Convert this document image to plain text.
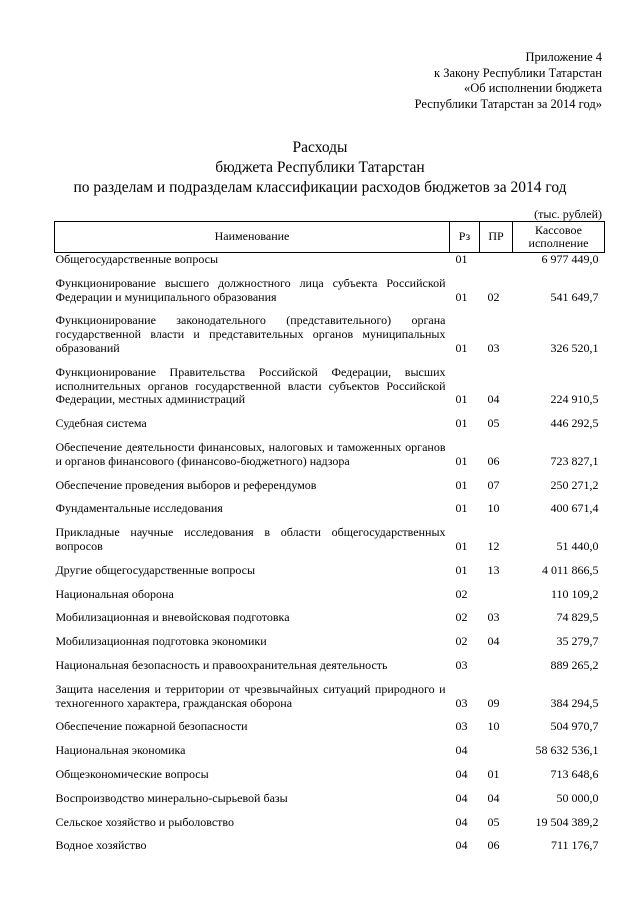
Приложение 4
к Закону Республики Татарстан
«Об исполнении бюджета
Республики Татарстан за 2014 год»
Расходы
бюджета Республики Татарстан
по разделам и подразделам классификации расходов бюджетов за 2014 год
(тыс. рублей)
Наименование	Рз	ПР	Кассовое
исполнение
Общегосударственные вопросы	01		6 977 449,0
Функционирование высшего должностного лица субъекта Российской Федерации и муниципального образования	01	02	541 649,7
Функционирование законодательного (представительного) органа государственной власти и представительных органов муниципальных образований	01	03	326 520,1
Функционирование Правительства Российской Федерации, высших исполнительных органов государственной власти субъектов Российской Федерации, местных администраций	01	04	224 910,5
Судебная система	01	05	446 292,5
Обеспечение деятельности финансовых, налоговых и таможенных органов и органов финансового (финансово-бюджетного) надзора	01	06	723 827,1
Обеспечение проведения выборов и референдумов	01	07	250 271,2
Фундаментальные исследования	01	10	400 671,4
Прикладные научные исследования в области общегосударственных вопросов	01	12	51 440,0
Другие общегосударственные вопросы	01	13	4 011 866,5
Национальная оборона	02		110 109,2
Мобилизационная и вневойсковая подготовка	02	03	74 829,5
Мобилизационная подготовка экономики	02	04	35 279,7
Национальная безопасность и правоохранительная деятельность	03		889 265,2
Защита населения и территории от чрезвычайных ситуаций природного и техногенного характера, гражданская оборона	03	09	384 294,5
Обеспечение пожарной безопасности	03	10	504 970,7
Национальная экономика	04		58 632 536,1
Общеэкономические вопросы	04	01	713 648,6
Воспроизводство минерально-сырьевой базы	04	04	50 000,0
Сельское хозяйство и рыболовство	04	05	19 504 389,2
Водное хозяйство	04	06	711 176,7
